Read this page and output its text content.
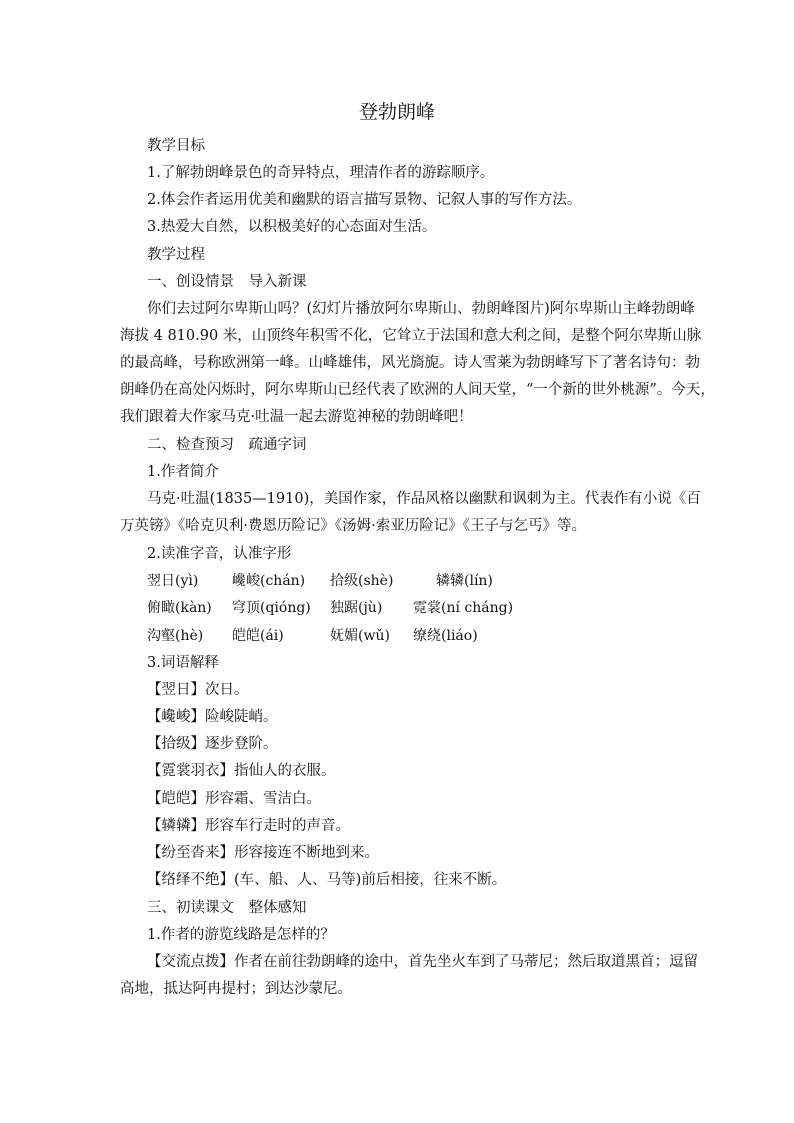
登勃朗峰
教学目标
1.了解勃朗峰景色的奇异特点，理清作者的游踪顺序。
2.体会作者运用优美和幽默的语言描写景物、记叙人事的写作方法。
3.热爱大自然，以积极美好的心态面对生活。
教学过程
一、创设情景　导入新课
你们去过阿尔卑斯山吗？(幻灯片播放阿尔卑斯山、勃朗峰图片)阿尔卑斯山主峰勃朗峰
海拔 4 810.90 米，山顶终年积雪不化，它耸立于法国和意大利之间，是整个阿尔卑斯山脉
的最高峰，号称欧洲第一峰。山峰雄伟，风光旖旎。诗人雪莱为勃朗峰写下了著名诗句：勃
朗峰仍在高处闪烁时，阿尔卑斯山已经代表了欧洲的人间天堂，“一个新的世外桃源”。今天，
我们跟着大作家马克·吐温一起去游览神秘的勃朗峰吧！
二、检查预习　疏通字词
1.作者简介
马克·吐温(1835—1910)，美国作家，作品风格以幽默和讽刺为主。代表作有小说《百
万英镑》《哈克贝利·费恩历险记》《汤姆·索亚历险记》《王子与乞丐》等。
2.读准字音，认准字形
翌日(yì) 巉峻(chán) 拾级(shè)	辚辚(lín)
俯瞰(kàn) 穹顶(qióng) 独踞(jù) 霓裳(ní cháng)
沟壑(hè) 皑皑(ái)	妩媚(wǔ) 缭绕(liáo)
3.词语解释
【翌日】次日。
【巉峻】险峻陡峭。
【拾级】逐步登阶。
【霓裳羽衣】指仙人的衣服。
【皑皑】形容霜、雪洁白。
【辚辚】形容车行走时的声音。
【纷至沓来】形容接连不断地到来。
【络绎不绝】(车、船、人、马等)前后相接，往来不断。
三、初读课文　整体感知
1.作者的游览线路是怎样的？
【交流点拨】作者在前往勃朗峰的途中，首先坐火车到了马蒂尼；然后取道黑首；逗留
高地，抵达阿冉提村；到达沙蒙尼。
